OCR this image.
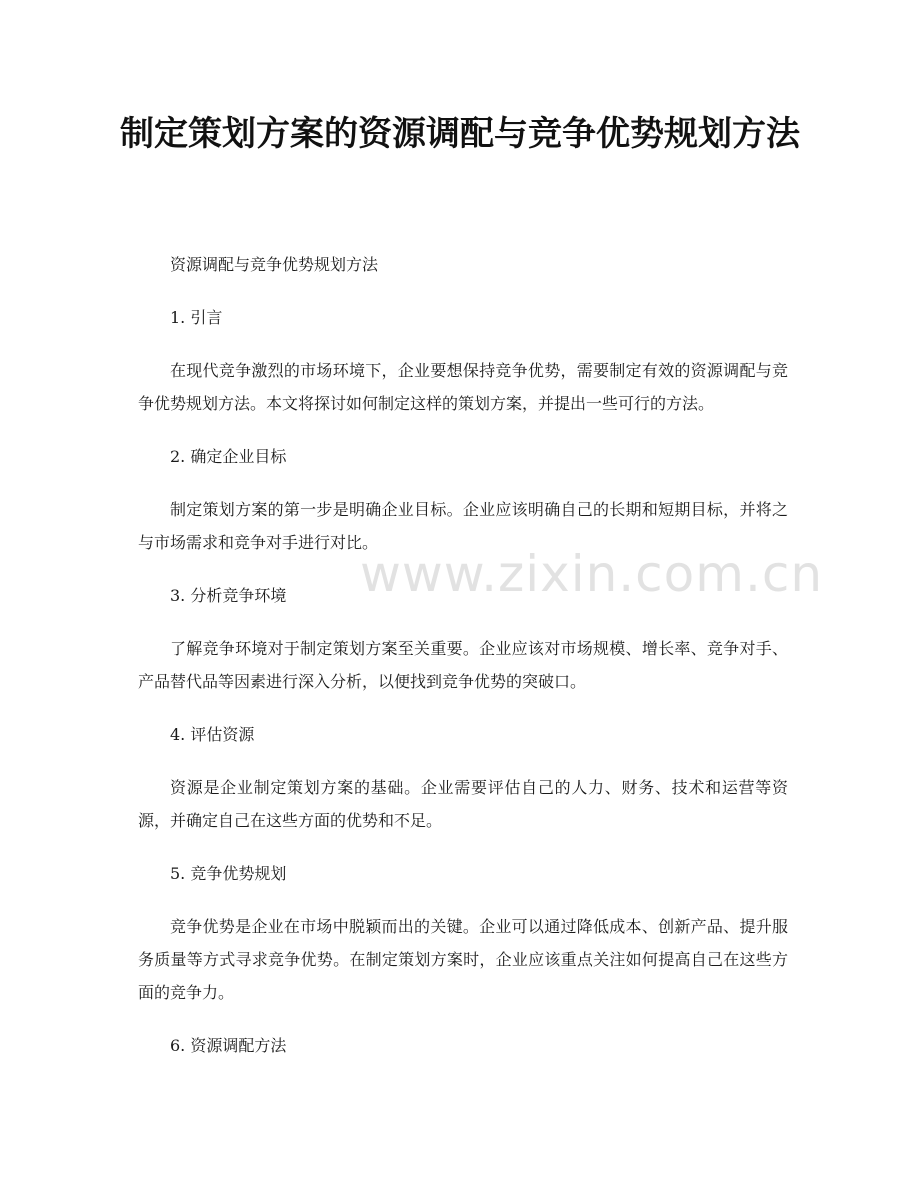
制定策划方案的资源调配与竞争优势规划方法

资源调配与竞争优势规划方法

1. 引言

在现代竞争激烈的市场环境下，企业要想保持竞争优势，需要制定有效的资源调配与竞争优势规划方法。本文将探讨如何制定这样的策划方案，并提出一些可行的方法。

2. 确定企业目标

制定策划方案的第一步是明确企业目标。企业应该明确自己的长期和短期目标，并将之与市场需求和竞争对手进行对比。

3. 分析竞争环境

了解竞争环境对于制定策划方案至关重要。企业应该对市场规模、增长率、竞争对手、产品替代品等因素进行深入分析，以便找到竞争优势的突破口。

4. 评估资源

资源是企业制定策划方案的基础。企业需要评估自己的人力、财务、技术和运营等资源，并确定自己在这些方面的优势和不足。

5. 竞争优势规划

竞争优势是企业在市场中脱颖而出的关键。企业可以通过降低成本、创新产品、提升服务质量等方式寻求竞争优势。在制定策划方案时，企业应该重点关注如何提高自己在这些方面的竞争力。

6. 资源调配方法

www.zixin.com.cn
